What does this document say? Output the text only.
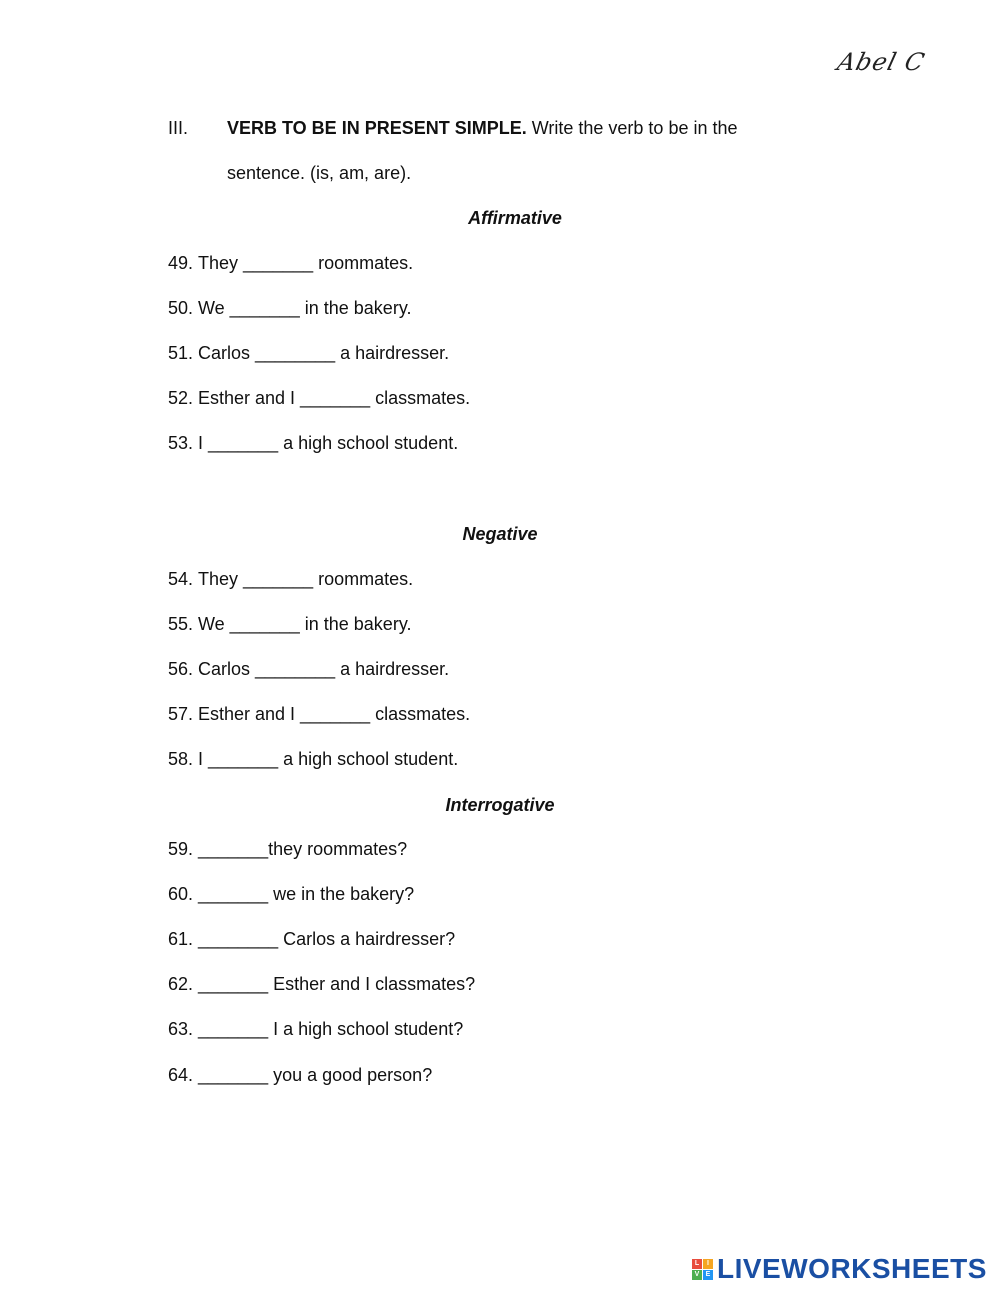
Abel C
III. VERB TO BE IN PRESENT SIMPLE. Write the verb to be in the
sentence. (is, am, are).
Affirmative
Negative
Interrogative
49. They _______ roommates.
50. We _______ in the bakery.
51. Carlos ________ a hairdresser.
52. Esther and I _______ classmates.
53. I _______ a high school student.
54. They _______ roommates.
55. We _______ in the bakery.
56. Carlos ________ a hairdresser.
57. Esther and I _______ classmates.
58. I _______ a high school student.
59. _______they roommates?
60. _______ we in the bakery?
61. ________ Carlos a hairdresser?
62. _______ Esther and I classmates?
63. _______ I a high school student?
64. _______ you a good person?
L	I
V E LIVEWORKSHEETS
